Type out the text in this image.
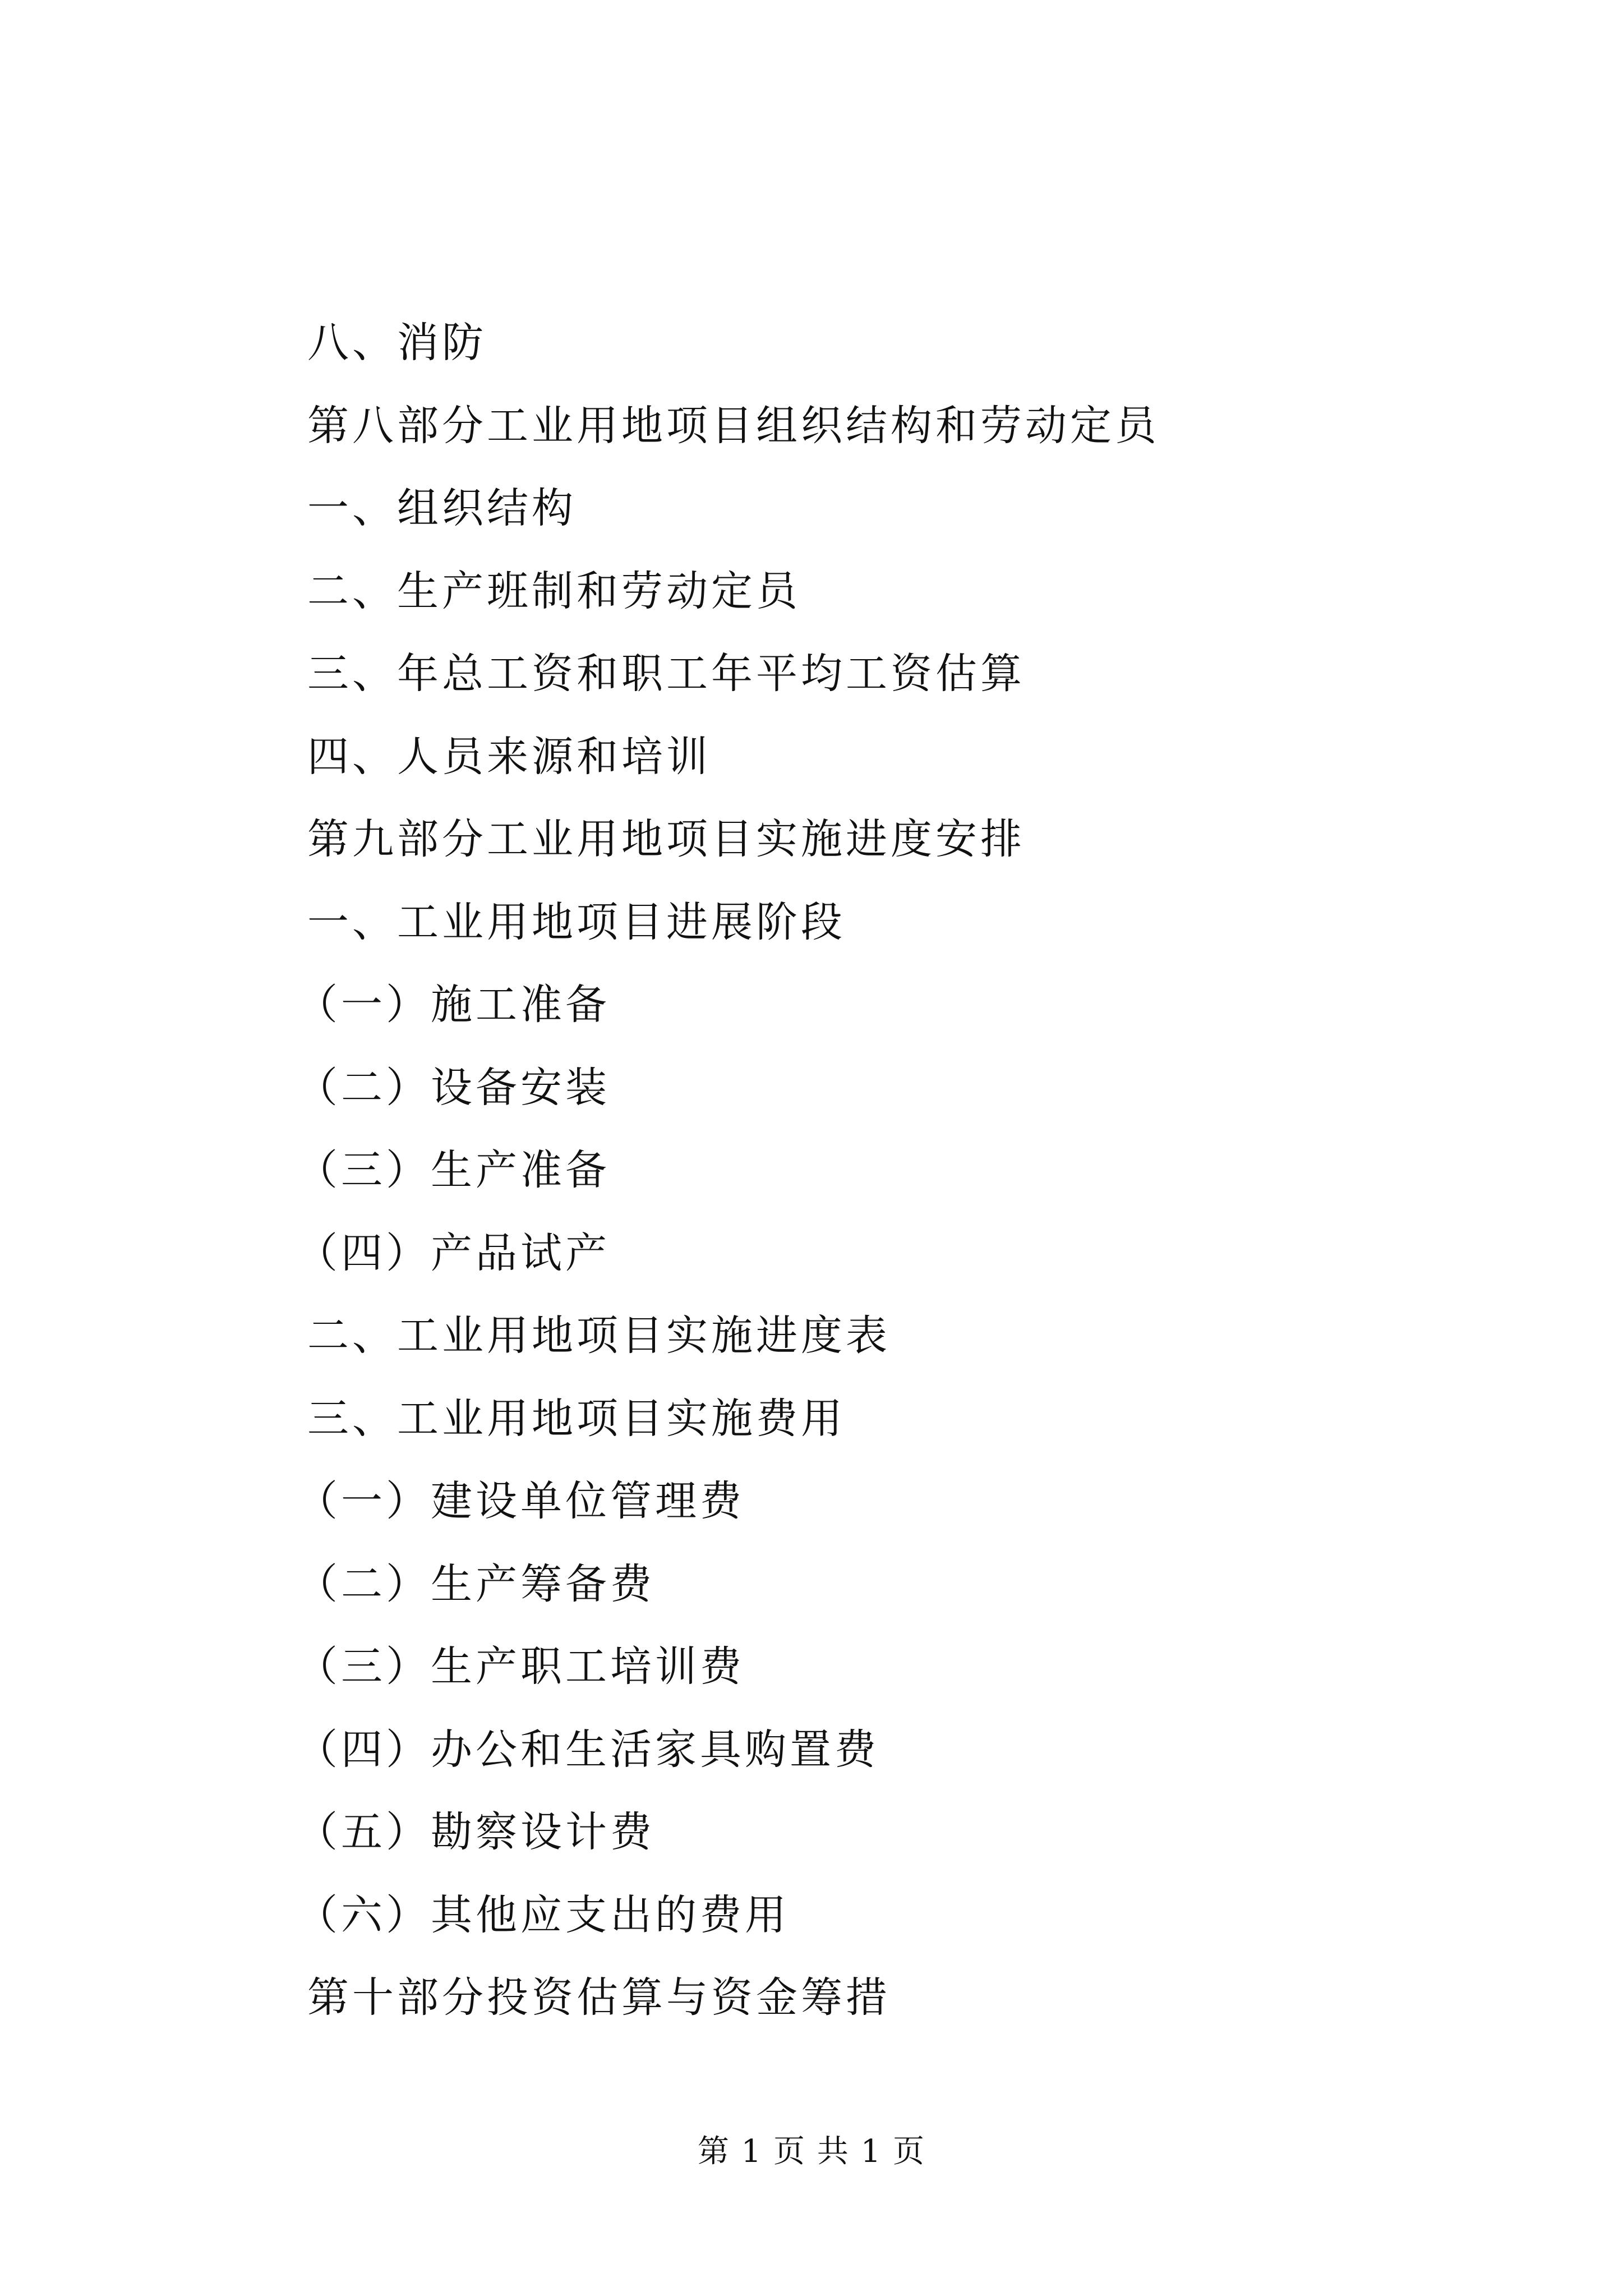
八、消防
第八部分工业用地项目组织结构和劳动定员
一、组织结构
二、生产班制和劳动定员
三、年总工资和职工年平均工资估算
四、人员来源和培训
第九部分工业用地项目实施进度安排
一、工业用地项目进展阶段
（一）施工准备
（二）设备安装
（三）生产准备
（四）产品试产
二、工业用地项目实施进度表
三、工业用地项目实施费用
（一）建设单位管理费
（二）生产筹备费
（三）生产职工培训费
（四）办公和生活家具购置费
（五）勘察设计费
（六）其他应支出的费用
第十部分投资估算与资金筹措
第 1 页 共 1 页
